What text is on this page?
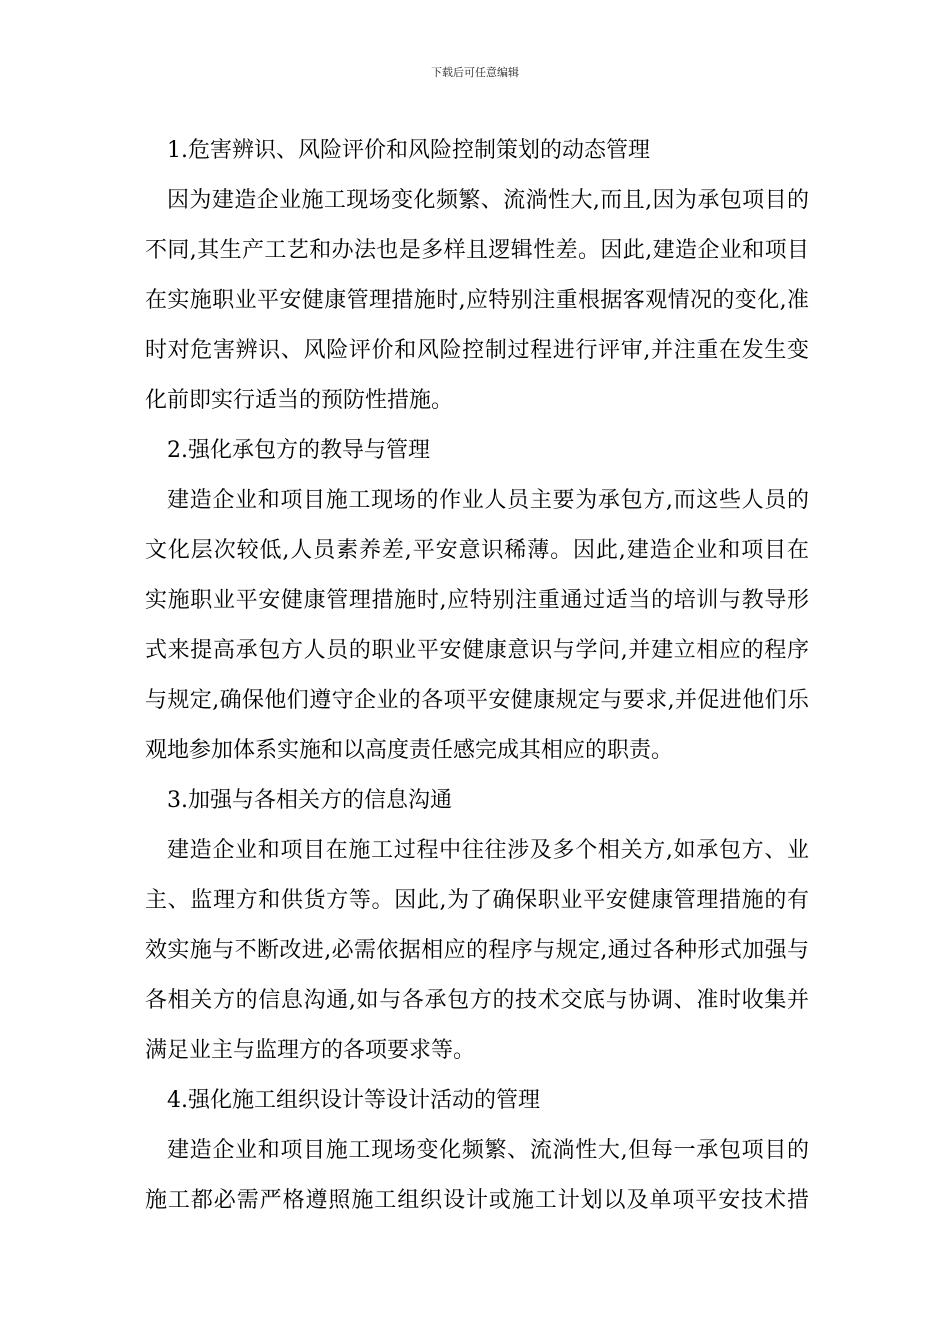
下载后可任意编辑

1.危害辨识、风险评价和风险控制策划的动态管理

因为建造企业施工现场变化频繁、流淌性大,而且,因为承包项目的
不同,其生产工艺和办法也是多样且逻辑性差。因此,建造企业和项目
在实施职业平安健康管理措施时,应特别注重根据客观情况的变化,准
时对危害辨识、风险评价和风险控制过程进行评审,并注重在发生变
化前即实行适当的预防性措施。

2.强化承包方的教导与管理

建造企业和项目施工现场的作业人员主要为承包方,而这些人员的
文化层次较低,人员素养差,平安意识稀薄。因此,建造企业和项目在
实施职业平安健康管理措施时,应特别注重通过适当的培训与教导形
式来提高承包方人员的职业平安健康意识与学问,并建立相应的程序
与规定,确保他们遵守企业的各项平安健康规定与要求,并促进他们乐
观地参加体系实施和以高度责任感完成其相应的职责。

3.加强与各相关方的信息沟通

建造企业和项目在施工过程中往往涉及多个相关方,如承包方、业
主、监理方和供货方等。因此,为了确保职业平安健康管理措施的有
效实施与不断改进,必需依据相应的程序与规定,通过各种形式加强与
各相关方的信息沟通,如与各承包方的技术交底与协调、准时收集并
满足业主与监理方的各项要求等。

4.强化施工组织设计等设计活动的管理

建造企业和项目施工现场变化频繁、流淌性大,但每一承包项目的
施工都必需严格遵照施工组织设计或施工计划以及单项平安技术措
